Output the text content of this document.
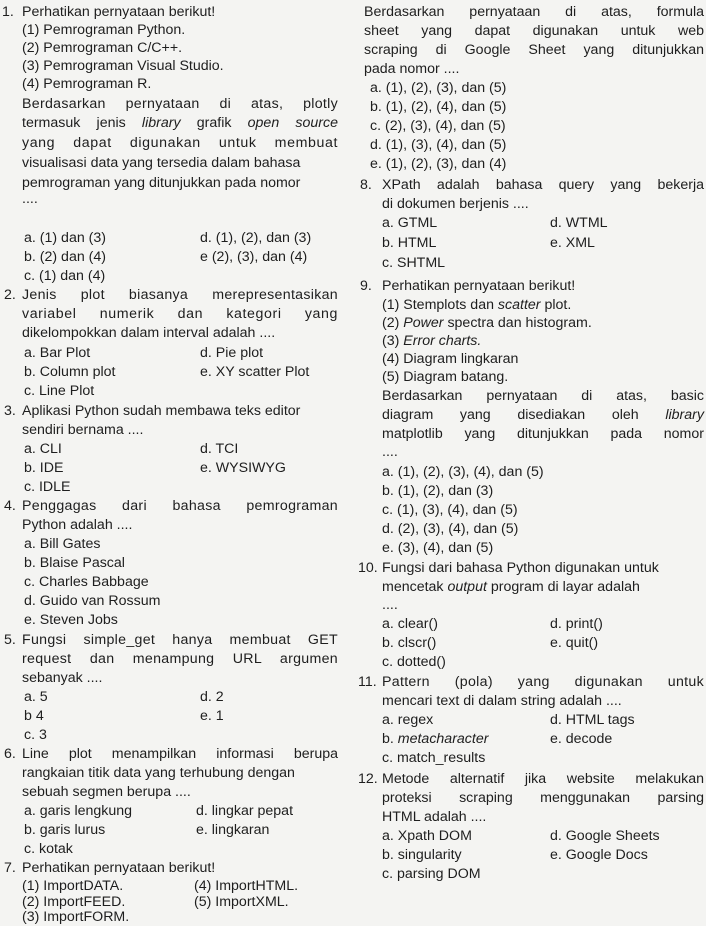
1. Perhatikan pernyataan berikut!
(1) Pemrograman Python.
(2) Pemrograman C/C++.
(3) Pemrograman Visual Studio.
(4) Pemrograman R.
Berdasarkan pernyataan di atas, plotly
termasuk jenis library grafik open source
yang dapat digunakan untuk membuat
visualisasi data yang tersedia dalam bahasa
pemrograman yang ditunjukkan pada nomor
....
a. (1) dan (3)
b. (2) dan (4)
c. (1) dan (4)
d. (1), (2), dan (3)
e (2), (3), dan (4)
2. Jenis plot biasanya merepresentasikan
variabel numerik dan kategori yang
dikelompokkan dalam interval adalah ....
a. Bar Plot
b. Column plot
c. Line Plot
d. Pie plot
e. XY scatter Plot
3. Aplikasi Python sudah membawa teks editor
sendiri bernama ....
a. CLI
b. IDE
c. IDLE
d. TCI
e. WYSIWYG
4. Penggagas dari bahasa pemrograman
Python adalah ....
a. Bill Gates
b. Blaise Pascal
c. Charles Babbage
d. Guido van Rossum
e. Steven Jobs
5. Fungsi simple_get hanya membuat GET
request dan menampung URL argumen
sebanyak ....
a. 5
b 4
c. 3
d. 2
e. 1
6. Line plot menampilkan informasi berupa
rangkaian titik data yang terhubung dengan
sebuah segmen berupa ....
a. garis lengkung
b. garis lurus
c. kotak
d. lingkar pepat
e. lingkaran
7. Perhatikan pernyataan berikut!
(1) ImportDATA.
(2) ImportFEED.
(3) ImportFORM.
(4) ImportHTML.
(5) ImportXML.
Berdasarkan pernyataan di atas, formula
sheet yang dapat digunakan untuk web
scraping di Google Sheet yang ditunjukkan
pada nomor ....
a. (1), (2), (3), dan (5)
b. (1), (2), (4), dan (5)
c. (2), (3), (4), dan (5)
d. (1), (3), (4), dan (5)
e. (1), (2), (3), dan (4)
8. XPath adalah bahasa query yang bekerja
di dokumen berjenis ....
a. GTML
b. HTML
c. SHTML
d. WTML
e. XML
9. Perhatikan pernyataan berikut!
(1) Stemplots dan scatter plot.
(2) Power spectra dan histogram.
(3) Error charts.
(4) Diagram lingkaran
(5) Diagram batang.
Berdasarkan pernyataan di atas, basic
diagram yang disediakan oleh library
matplotlib yang ditunjukkan pada nomor
....
a. (1), (2), (3), (4), dan (5)
b. (1), (2), dan (3)
c. (1), (3), (4), dan (5)
d. (2), (3), (4), dan (5)
e. (3), (4), dan (5)
10. Fungsi dari bahasa Python digunakan untuk
mencetak output program di layar adalah
....
a. clear()
b. clscr()
c. dotted()
d. print()
e. quit()
11. Pattern (pola) yang digunakan untuk
mencari text di dalam string adalah ....
a. regex
b. metacharacter
c. match_results
d. HTML tags
e. decode
12. Metode alternatif jika website melakukan
proteksi scraping menggunakan parsing
HTML adalah ....
a. Xpath DOM
b. singularity
c. parsing DOM
d. Google Sheets
e. Google Docs
